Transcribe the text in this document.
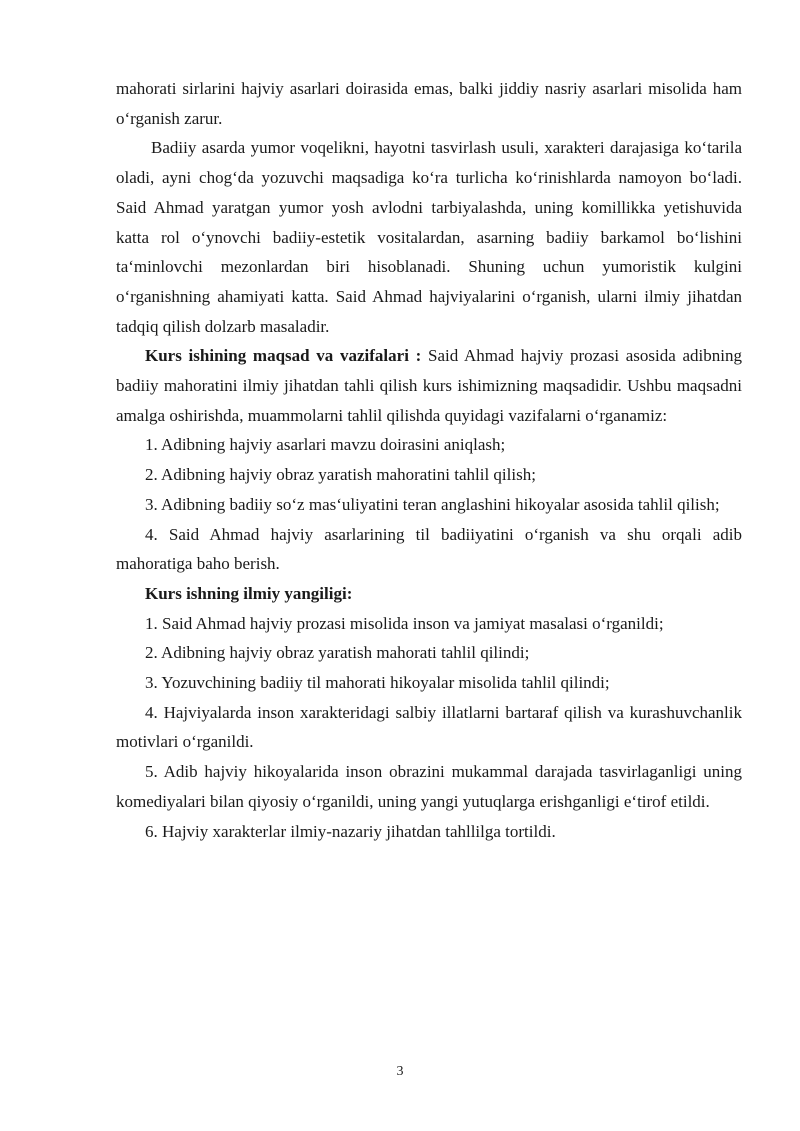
mahorati sirlarini hajviy asarlari doirasida emas, balki jiddiy nasriy asarlari misolida ham o‘rganish zarur.

Badiiy asarda yumor voqelikni, hayotni tasvirlash usuli, xarakteri darajasiga ko‘tarila oladi, ayni chog‘da yozuvchi maqsadiga ko‘ra turlicha ko‘rinishlarda namoyon bo‘ladi. Said Ahmad yaratgan yumor yosh avlodni tarbiyalashda, uning komillikka yetishuvida katta rol o‘ynovchi badiiy-estetik vositalardan, asarning badiiy barkamol bo‘lishini ta‘minlovchi mezonlardan biri hisoblanadi. Shuning uchun yumoristik kulgini o‘rganishning ahamiyati katta. Said Ahmad hajviyalarini o‘rganish, ularni ilmiy jihatdan tadqiq qilish dolzarb masaladir.

Kurs ishining maqsad va vazifalari : Said Ahmad hajviy prozasi asosida adibning badiiy mahoratini ilmiy jihatdan tahli qilish kurs ishimizning maqsadidir. Ushbu maqsadni amalga oshirishda, muammolarni tahlil qilishda quyidagi vazifalarni o‘rganamiz:

1. Adibning hajviy asarlari mavzu doirasini aniqlash;

2. Adibning hajviy obraz yaratish mahoratini tahlil qilish;

3. Adibning badiiy so‘z mas‘uliyatini teran anglashini hikoyalar asosida tahlil qilish;

4. Said Ahmad hajviy asarlarining til badiiyatini o‘rganish va shu orqali adib mahoratiga baho berish.

Kurs ishning ilmiy yangiligi:

1. Said Ahmad hajviy prozasi misolida inson va jamiyat masalasi o‘rganildi;

2. Adibning hajviy obraz yaratish mahorati tahlil qilindi;

3. Yozuvchining badiiy til mahorati hikoyalar misolida tahlil qilindi;

4. Hajviyalarda inson xarakteridagi salbiy illatlarni bartaraf qilish va kurashuvchanlik motivlari o‘rganildi.

5. Adib hajviy hikoyalarida inson obrazini mukammal darajada tasvirlaganligi uning komediyalari bilan qiyosiy o‘rganildi, uning yangi yutuqlarga erishganligi e‘tirof etildi.

6. Hajviy xarakterlar ilmiy-nazariy jihatdan tahllilga tortildi.

3
